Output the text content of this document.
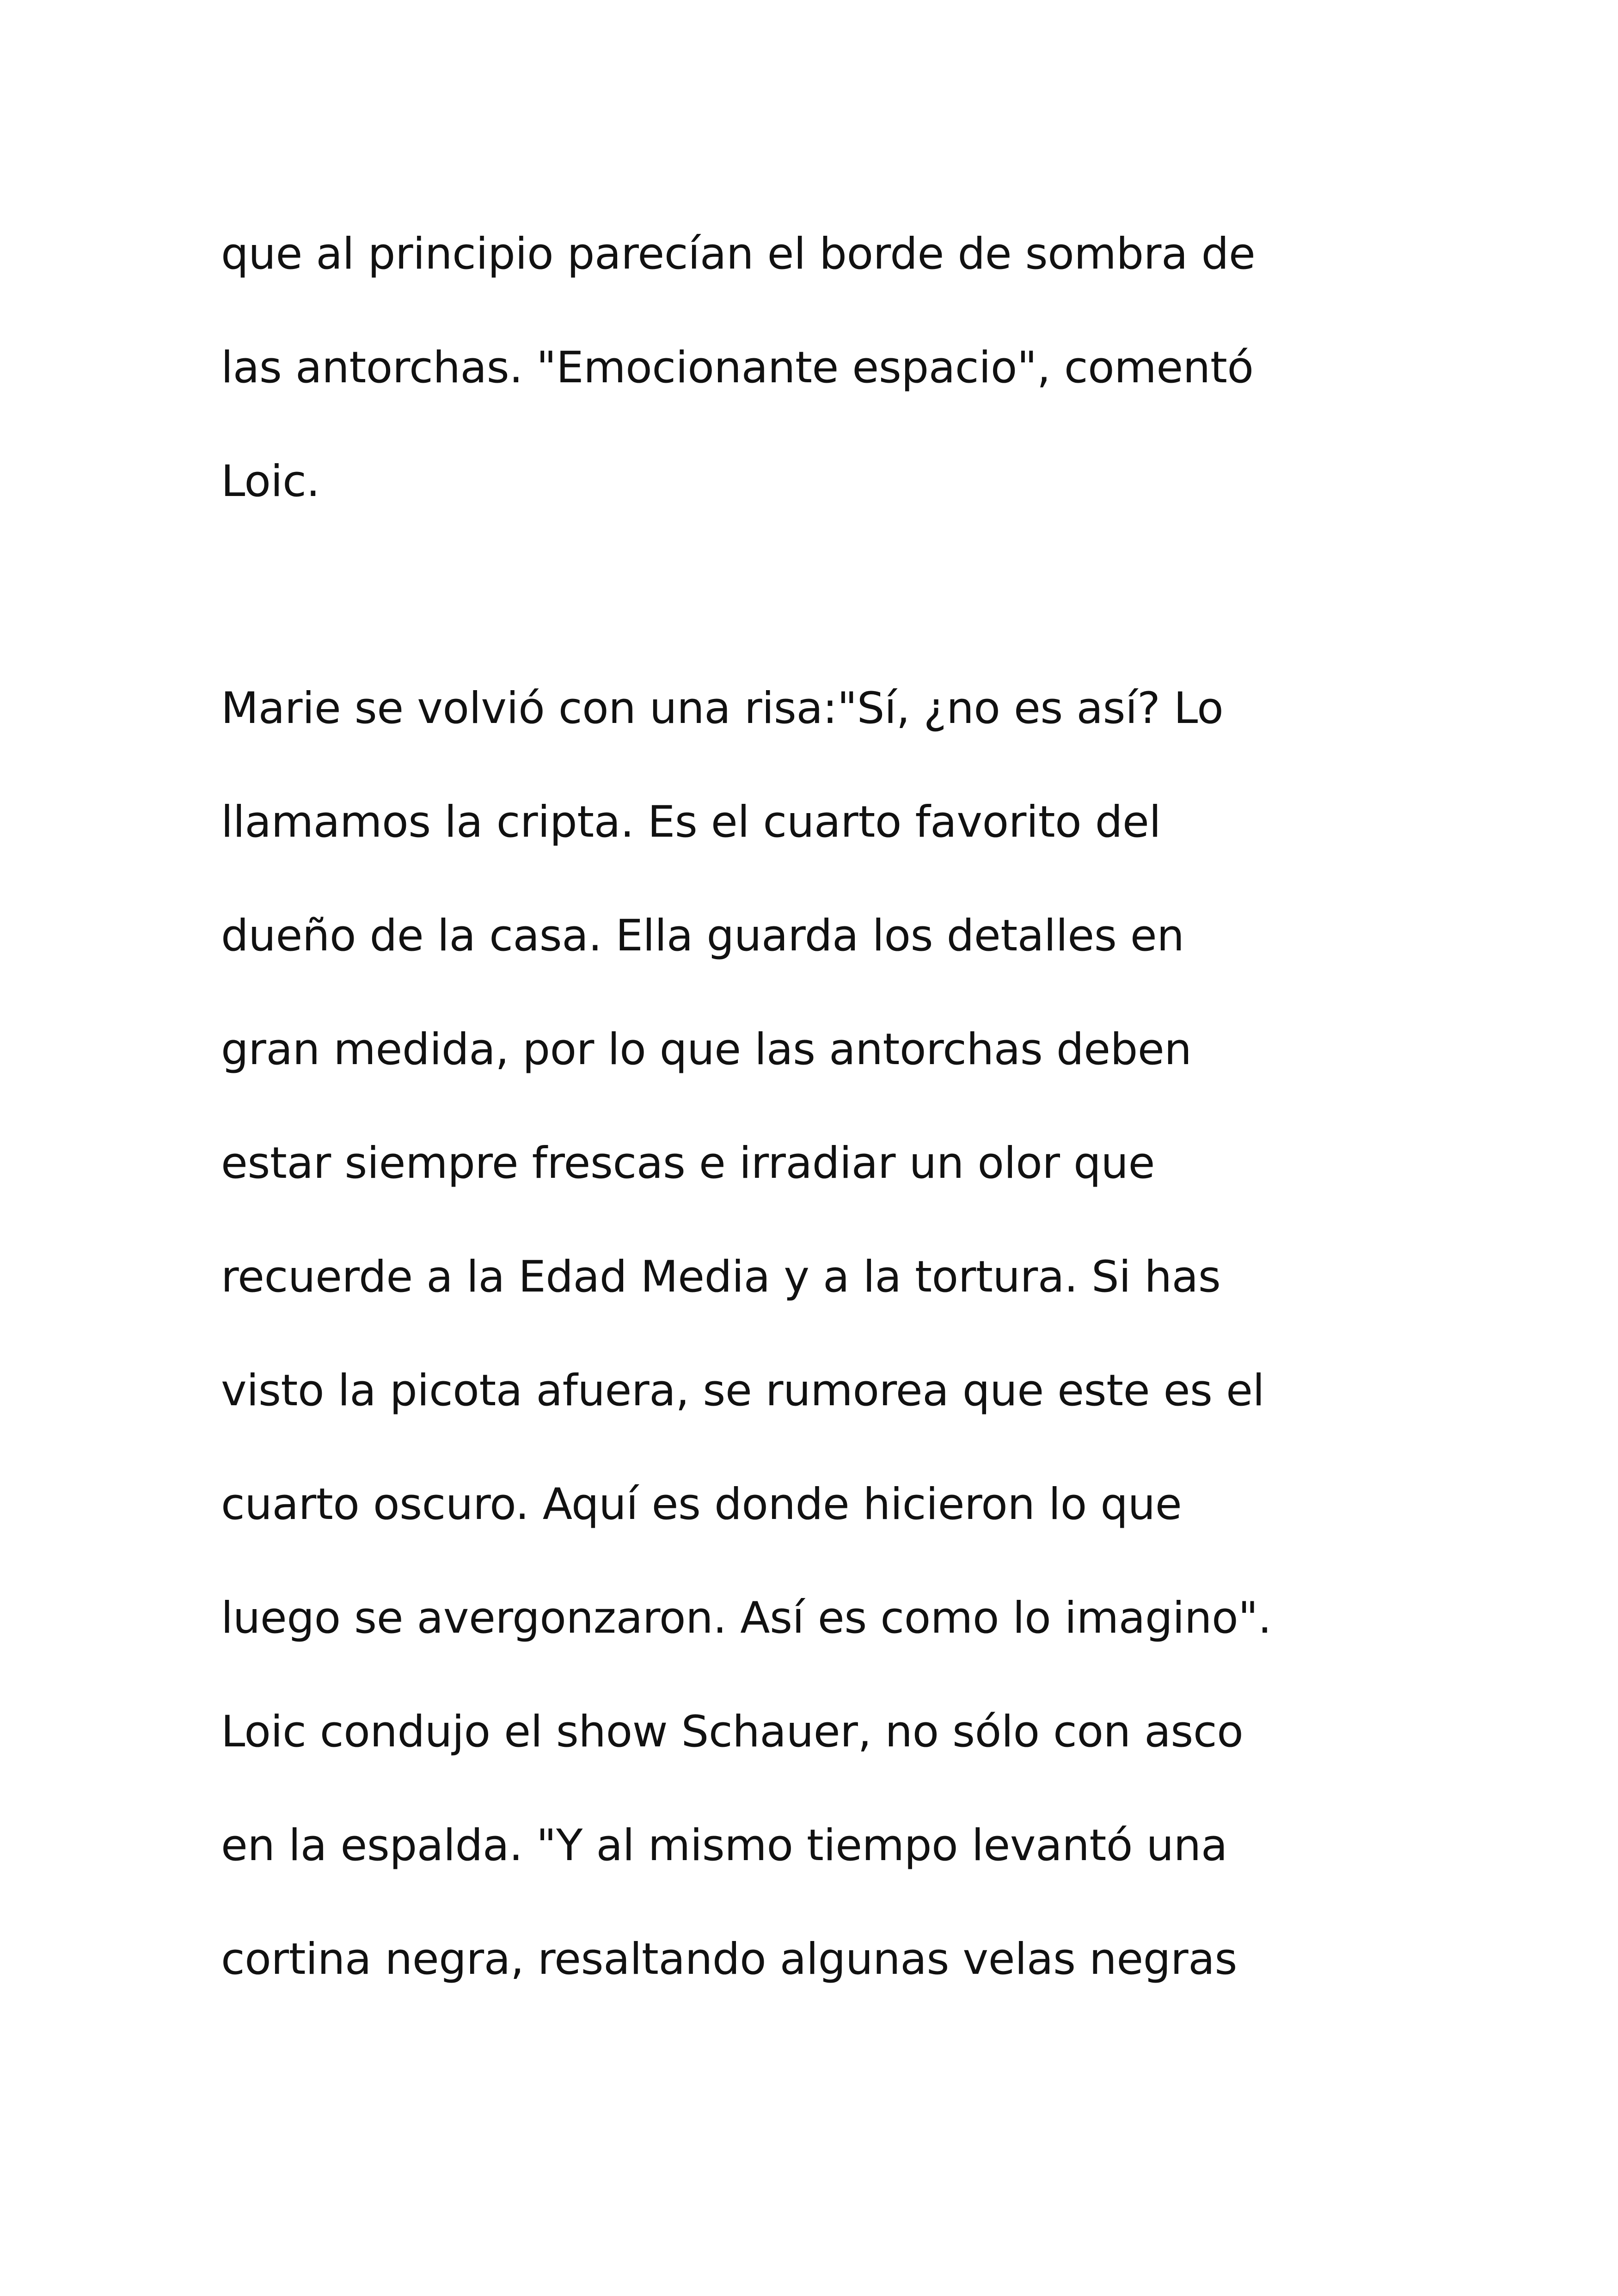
que al principio parecían el borde de sombra de
las antorchas. "Emocionante espacio", comentó
Loic.
Marie se volvió con una risa:"Sí, ¿no es así? Lo
llamamos la cripta. Es el cuarto favorito del
dueño de la casa. Ella guarda los detalles en
gran medida, por lo que las antorchas deben
estar siempre frescas e irradiar un olor que
recuerde a la Edad Media y a la tortura. Si has
visto la picota afuera, se rumorea que este es el
cuarto oscuro. Aquí es donde hicieron lo que
luego se avergonzaron. Así es como lo imagino".
Loic condujo el show Schauer, no sólo con asco
en la espalda. "Y al mismo tiempo levantó una
cortina negra, resaltando algunas velas negras
